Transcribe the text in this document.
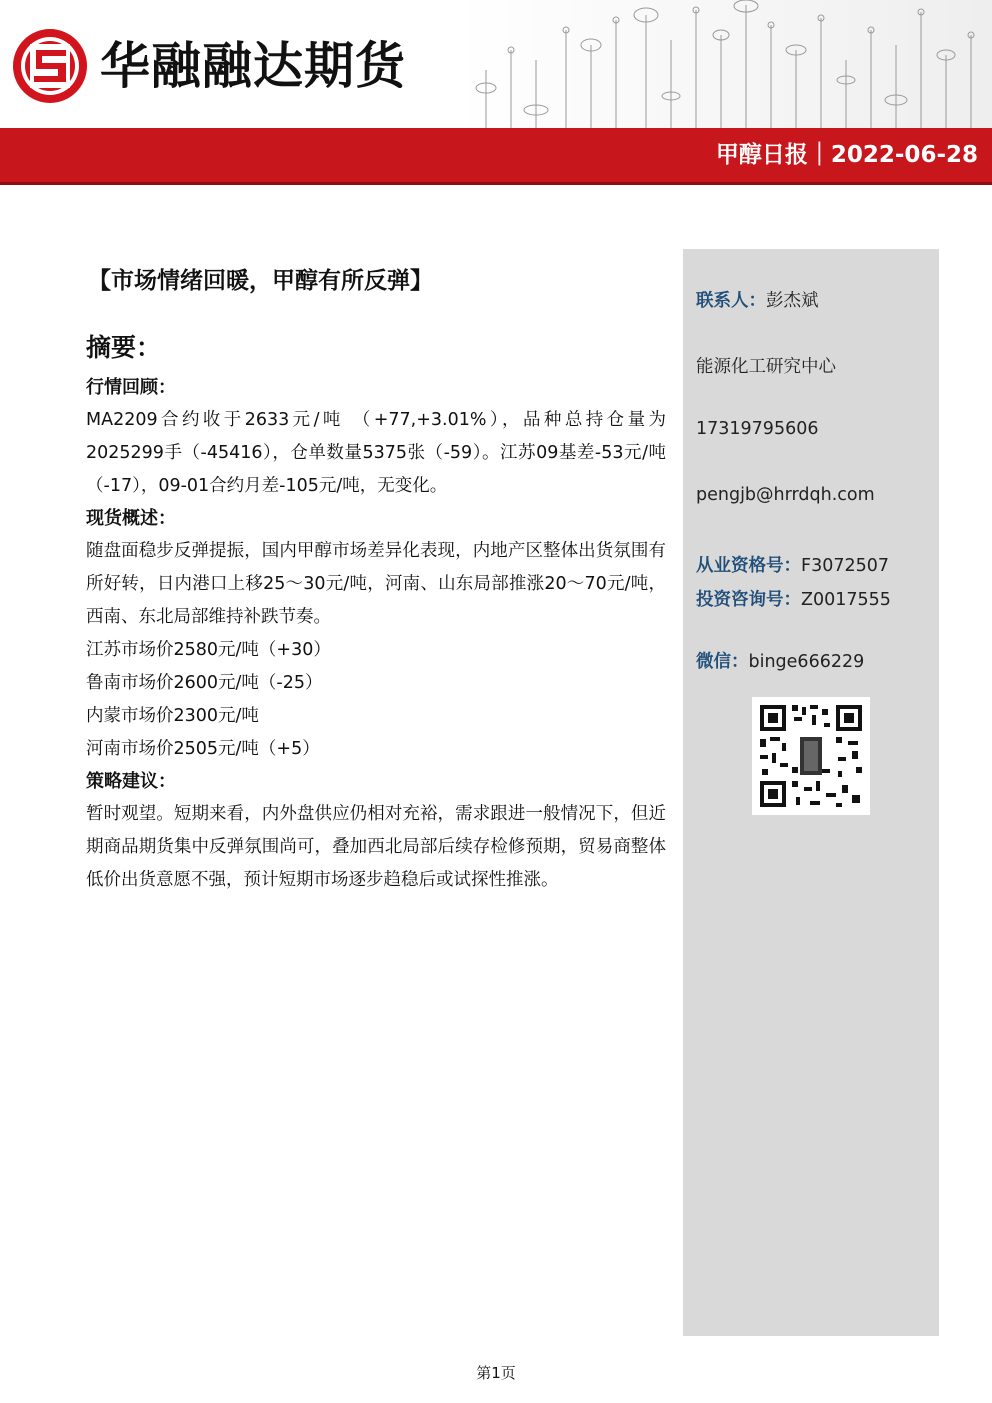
华融融达期货
甲醇日报｜2022-06-28
【市场情绪回暖，甲醇有所反弹】
摘要：

行情回顾：

MA2209合约收于2633元/吨 （+77,+3.01%），品种总持仓量为2025299手（-45416），仓单数量5375张（-59）。江苏09基差-53元/吨（-17），09-01合约月差-105元/吨，无变化。

现货概述：

随盘面稳步反弹提振，国内甲醇市场差异化表现，内地产区整体出货氛围有所好转，日内港口上移25～30元/吨，河南、山东局部推涨20～70元/吨，西南、东北局部维持补跌节奏。

江苏市场价2580元/吨（+30）

鲁南市场价2600元/吨（-25）

内蒙市场价2300元/吨

河南市场价2505元/吨（+5）

策略建议：

暂时观望。短期来看，内外盘供应仍相对充裕，需求跟进一般情况下，但近期商品期货集中反弹氛围尚可，叠加西北局部后续存检修预期，贸易商整体低价出货意愿不强，预计短期市场逐步趋稳后或试探性推涨。

联系人：彭杰斌
能源化工研究中心
17319795606
pengjb@hrrdqh.com
从业资格号：F3072507
投资咨询号：Z0017555
微信：binge666229
第1页
